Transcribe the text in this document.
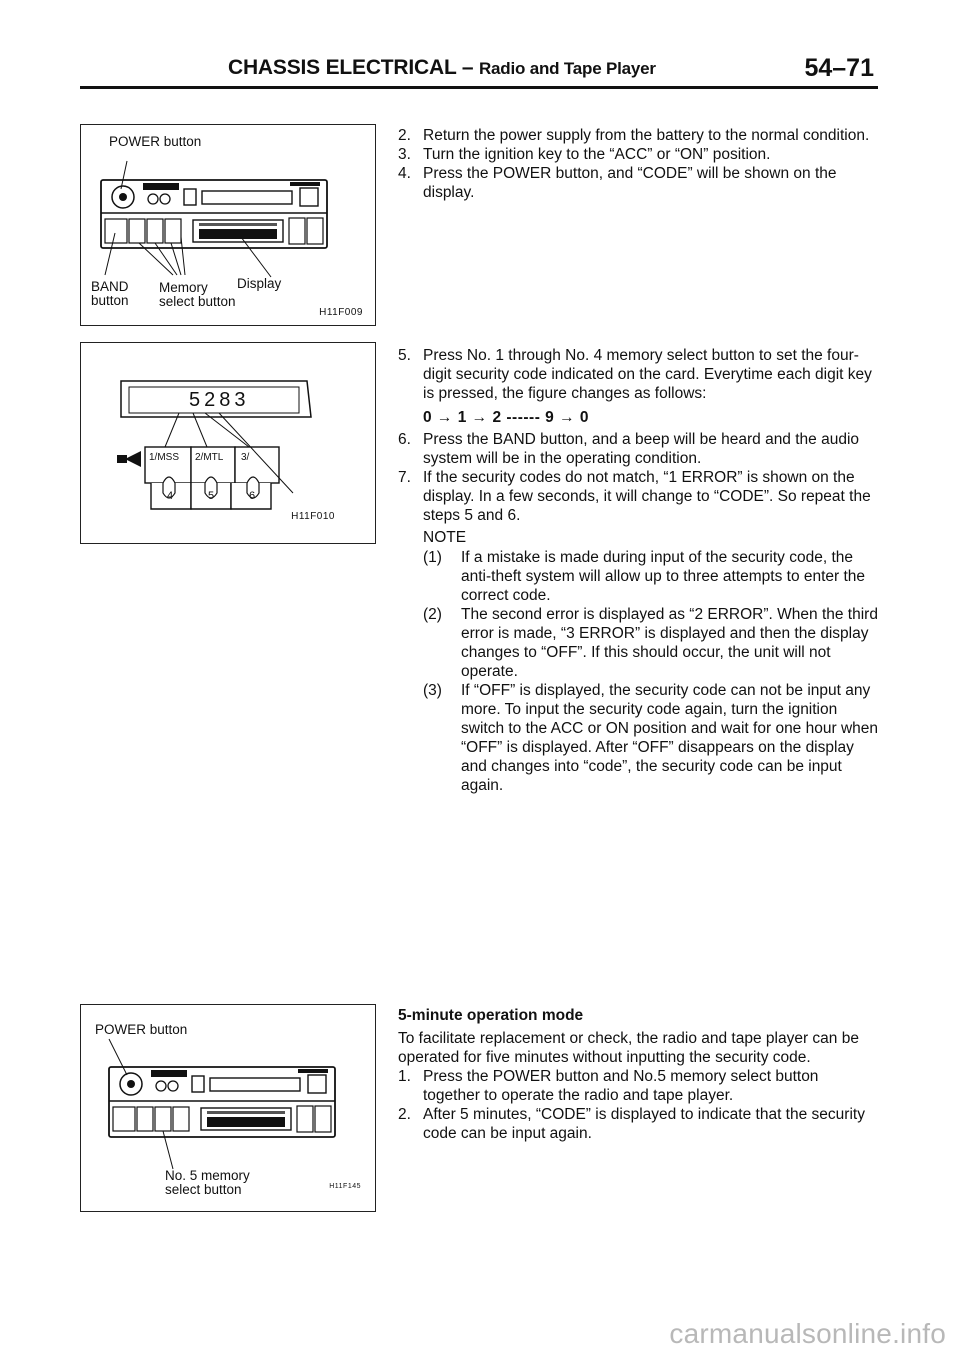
CHASSIS ELECTRICAL – Radio and Tape Player	54–71
POWER button
BAND
button
Memory
select button
Display
H11F009
5283
1/MSS 2/MTL 3/
4	5	6
H11F010
POWER button
No. 5 memory
select button	H11F145
2. Return the power supply from the battery to the normal condition.
3. Turn the ignition key to the “ACC” or “ON” position.
4. Press the POWER button, and “CODE” will be shown on the display.
5. Press No. 1 through No. 4 memory select button to set the four-digit security code indicated on the card. Everytime each digit key is pressed, the figure changes as follows:
0 → 1 → 2 ------ 9 → 0
6. Press the BAND button, and a beep will be heard and the audio system will be in the operating condition.
7. If the security codes do not match, “1 ERROR” is shown on the display. In a few seconds, it will change to “CODE”. So repeat the steps 5 and 6.
NOTE
(1) If a mistake is made during input of the security code, the anti-theft system will allow up to three attempts to enter the correct code.
(2) The second error is displayed as “2 ERROR”. When the third error is made, “3 ERROR” is displayed and then the display changes to “OFF”. If this should occur, the unit will not operate.
(3) If “OFF” is displayed, the security code can not be input any more. To input the security code again, turn the ignition switch to the ACC or ON position and wait for one hour when “OFF” is displayed. After “OFF” disappears on the display and changes into “code”, the security code can be input again.
5-minute operation mode
To facilitate replacement or check, the radio and tape player can be operated for five minutes without inputting the security code.
1. Press the POWER button and No.5 memory select button together to operate the radio and tape player.
2. After 5 minutes, “CODE” is displayed to indicate that the security code can be input again.
carmanualsonline.info
